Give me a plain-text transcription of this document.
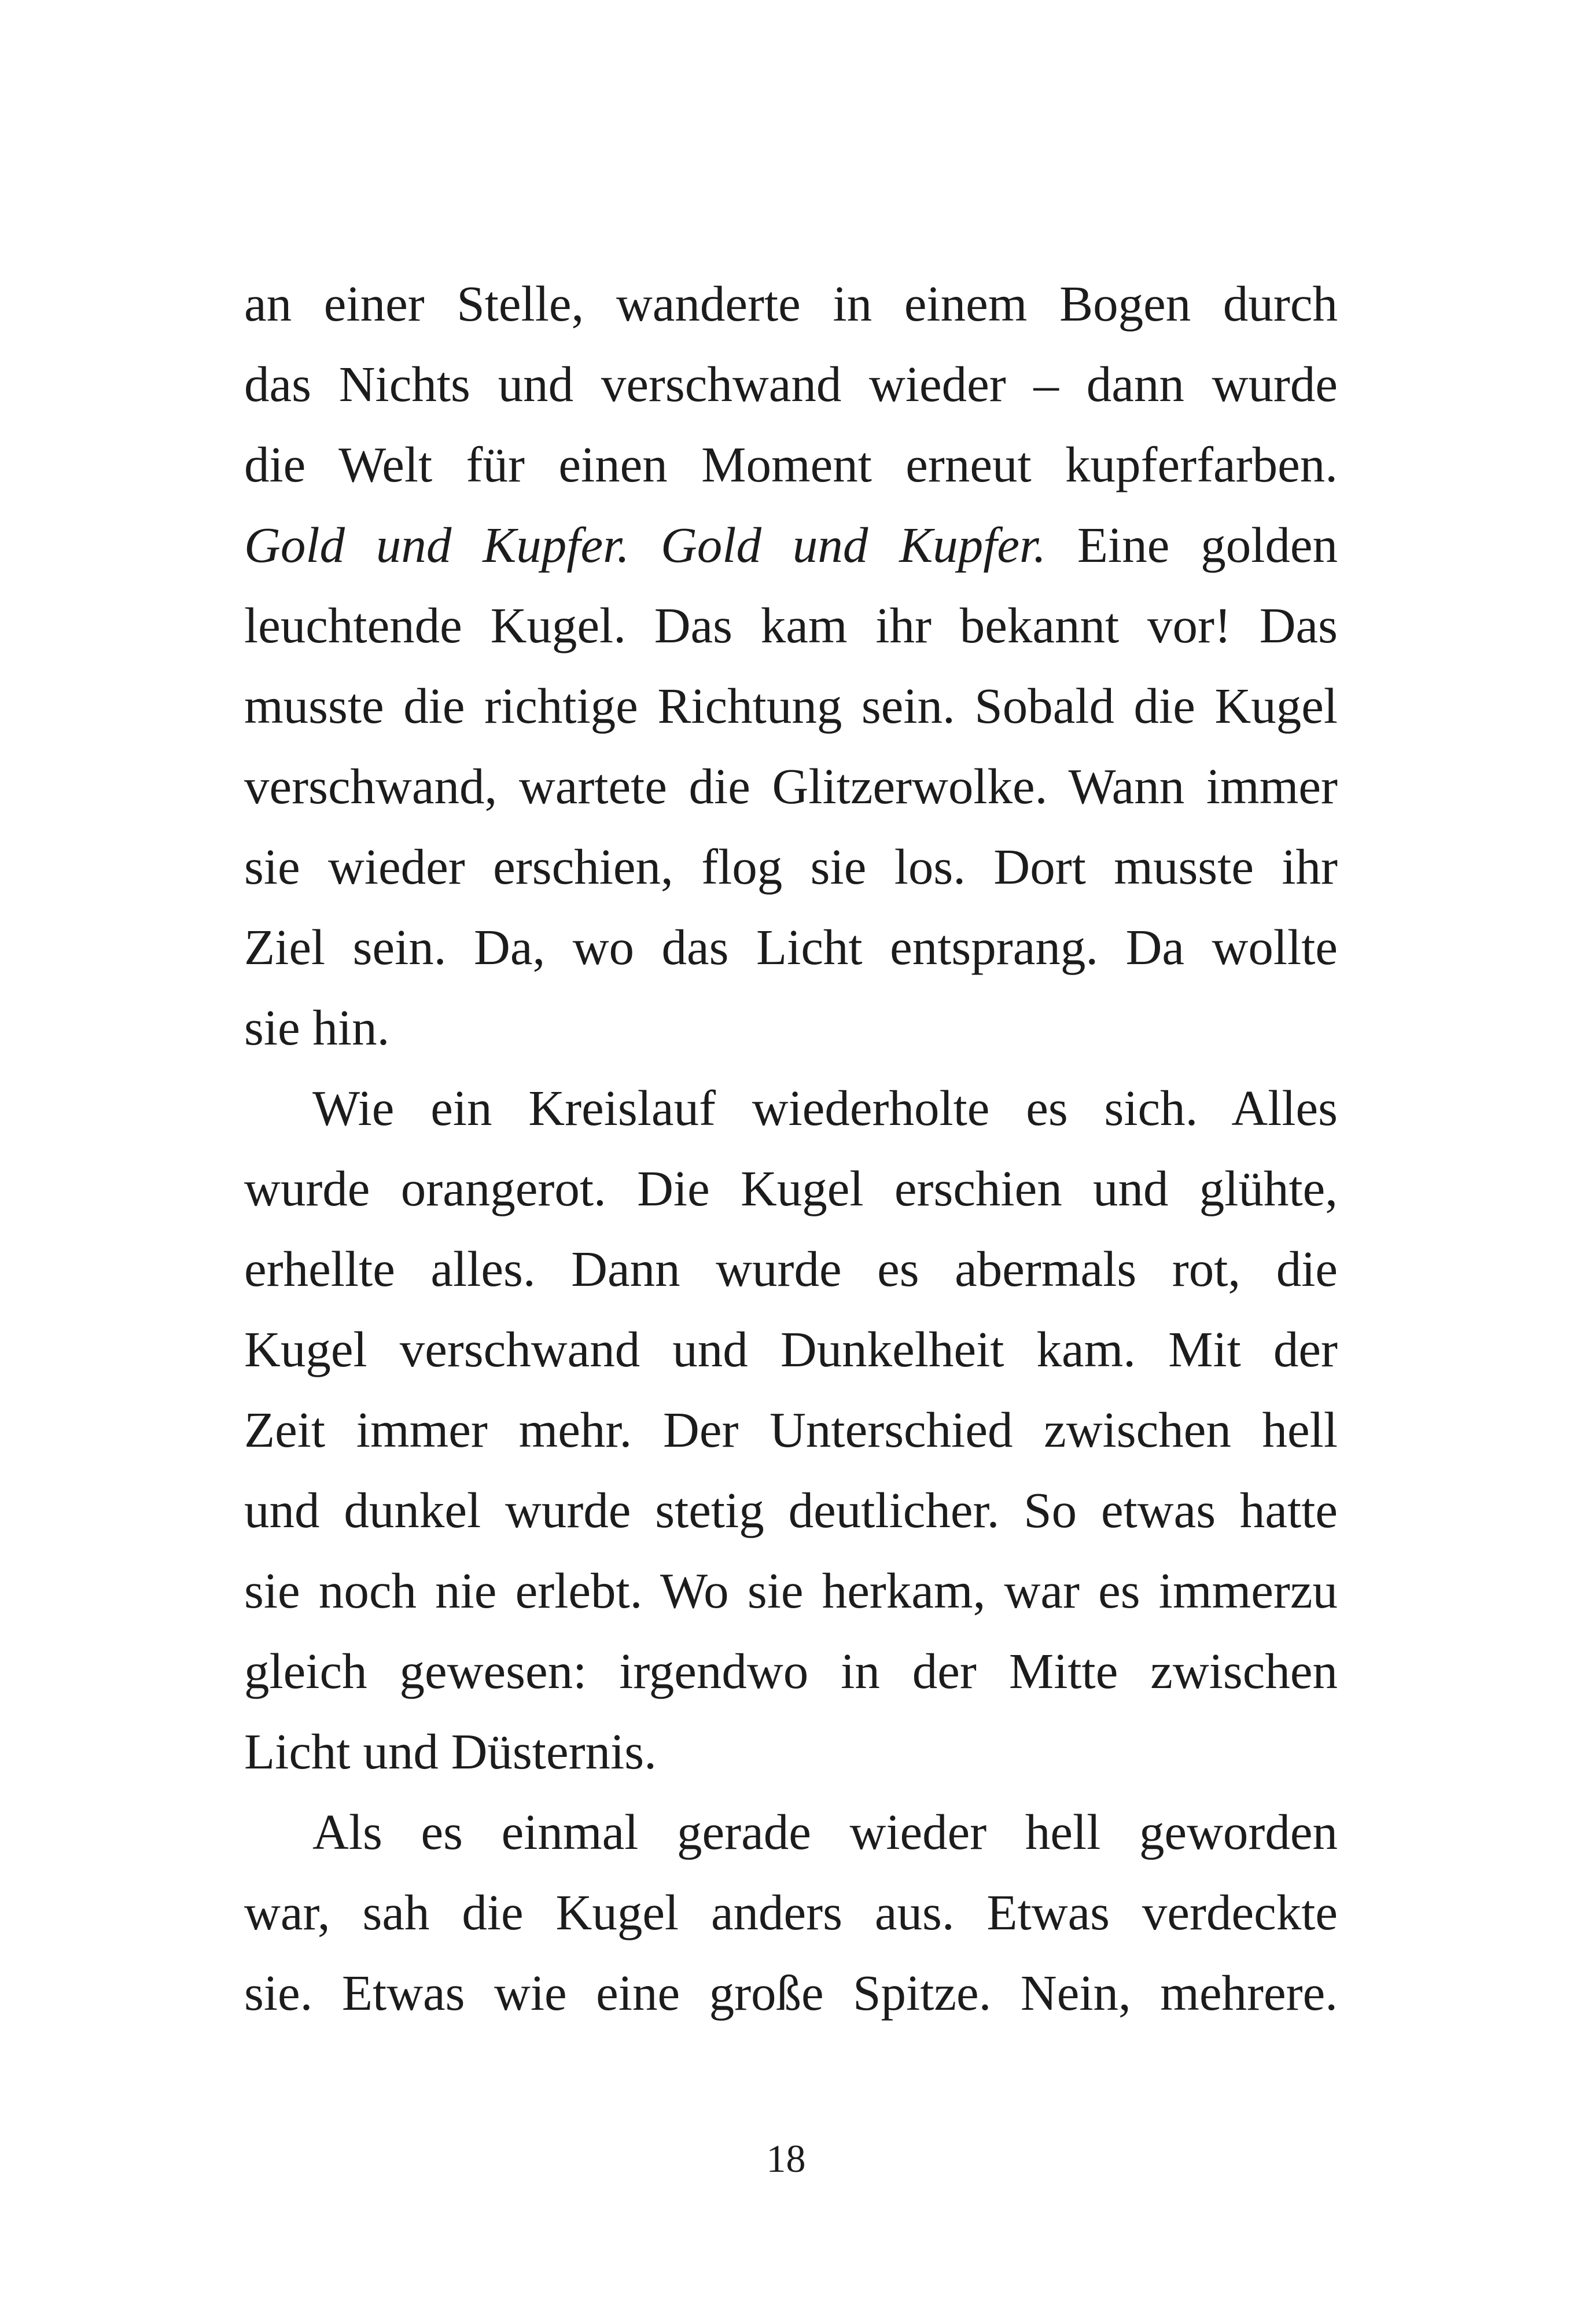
an einer Stelle, wanderte in einem Bogen durch
das Nichts und verschwand wieder – dann wurde
die Welt für einen Moment erneut kupferfarben.
Gold und Kupfer. Gold und Kupfer. Eine golden
leuchtende Kugel. Das kam ihr bekannt vor! Das
musste die richtige Richtung sein. Sobald die Kugel
verschwand, wartete die Glitzerwolke. Wann immer
sie wieder erschien, flog sie los. Dort musste ihr
Ziel sein. Da, wo das Licht entsprang. Da wollte
sie hin.
Wie ein Kreislauf wiederholte es sich. Alles
wurde orangerot. Die Kugel erschien und glühte,
erhellte alles. Dann wurde es abermals rot, die
Kugel verschwand und Dunkelheit kam. Mit der
Zeit immer mehr. Der Unterschied zwischen hell
und dunkel wurde stetig deutlicher. So etwas hatte
sie noch nie erlebt. Wo sie herkam, war es immerzu
gleich gewesen: irgendwo in der Mitte zwischen
Licht und Düsternis.
Als es einmal gerade wieder hell geworden
war, sah die Kugel anders aus. Etwas verdeckte
sie. Etwas wie eine große Spitze. Nein, mehrere.
18
